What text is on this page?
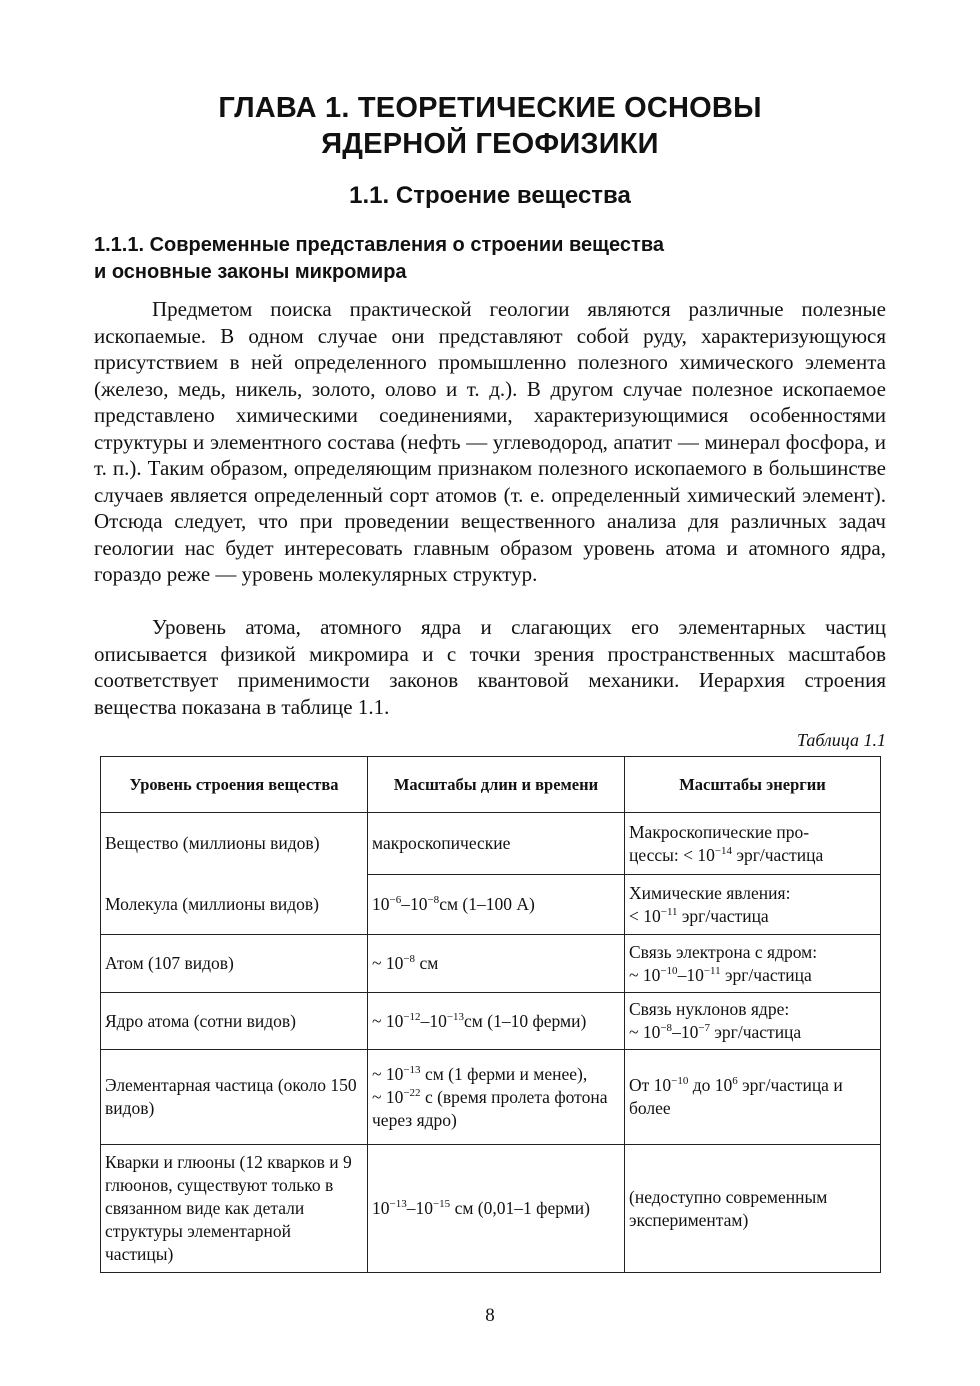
ГЛАВА 1. ТЕОРЕТИЧЕСКИЕ ОСНОВЫ
ЯДЕРНОЙ ГЕОФИЗИКИ
1.1. Строение вещества
1.1.1. Современные представления о строении вещества
и основные законы микромира

Предметом поиска практической геологии являются различные полезные ископаемые. В одном случае они представляют собой руду, характеризующуюся присутствием в ней определенного промышленно полезного химического элемента (железо, медь, никель, золото, олово и т. д.). В другом случае полезное ископаемое представлено химическими соединениями, характеризующимися особенностями структуры и элементного состава (нефть — углеводород, апатит — минерал фосфора, и т. п.). Таким образом, определяющим признаком полезного ископаемого в большинстве случаев является определенный сорт атомов (т. е. определенный химический элемент). Отсюда следует, что при проведении вещественного анализа для различных задач геологии нас будет интересовать главным образом уровень атома и атомного ядра, гораздо реже — уровень молекулярных структур.

Уровень атома, атомного ядра и слагающих его элементарных частиц описывается физикой микромира и с точки зрения пространственных масштабов соответствует применимости законов квантовой механики. Иерархия строения вещества показана в таблице 1.1.

Таблица 1.1

Уровень строения вещества	Масштабы длин и времени	Масштабы энергии
Вещество (миллионы видов)	макроскопические	Макроскопические про-
цессы: < $10^{-14}$ эрг/частица
Молекула (миллионы видов)	$10^{-6}-10^{-8}см$ (1–100 А)	Химические явления:
< $10^{-11}$ эрг/частица
Атом (107 видов)	~ $10^{-8}$ см	Связь электрона с ядром:
~ $10^{-10}-10^{-11}$ эрг/частица
Ядро атома (сотни видов)	~ $10^{-12}-10^{-13}см$ (1–10 ферми)	Связь нуклонов ядре:
~ $10^{-8}-10^{-7}$ эрг/частица
Элементарная частица (около 150 видов)	~ $10^{-13}$ см (1 ферми и менее),
~ $10^{-22}$ с (время пролета фотона через ядро)	От $10^{-10}$ до $10^6$ эрг/частица и более
Кварки и глюоны (12 кварков и 9 глюонов, существуют только в связанном виде как детали структуры элементарной частицы)	$10^{-13}-10^{-15}$ см (0,01–1 ферми)	(недоступно современным экспериментам)
8
